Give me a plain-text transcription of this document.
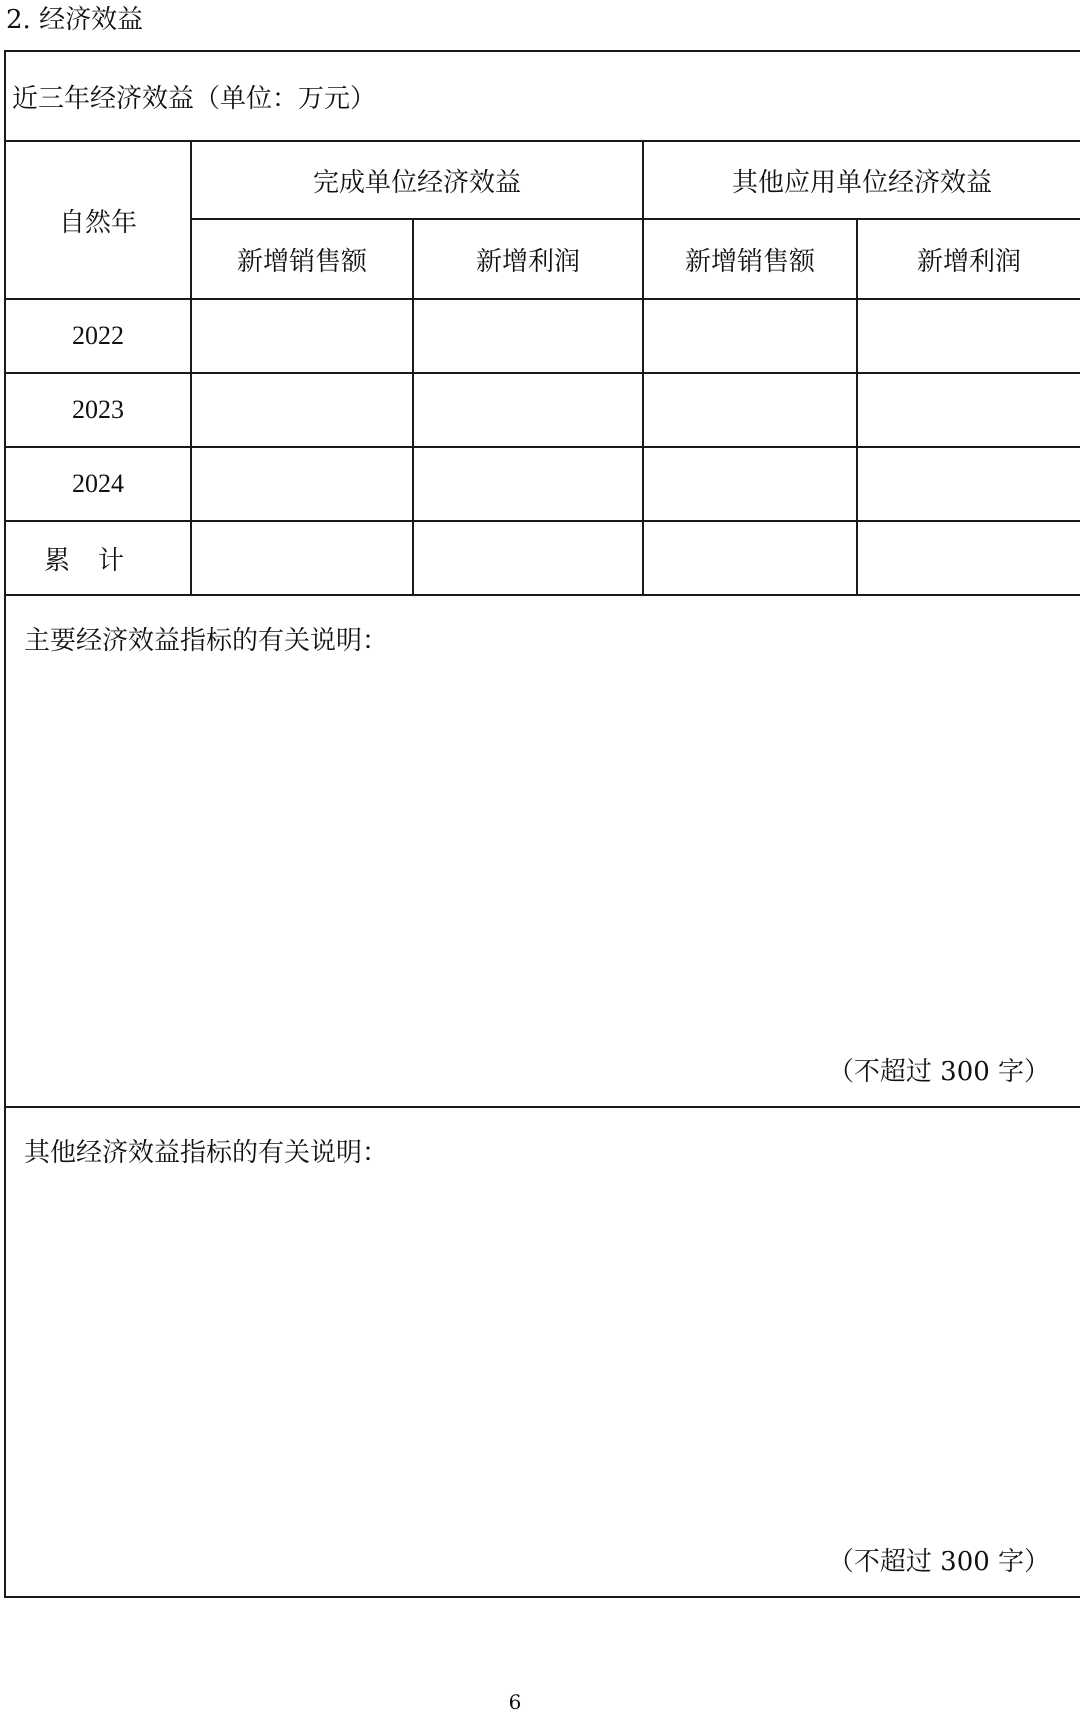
2. 经济效益
近三年经济效益（单位：万元）				
自然年	完成单位经济效益		其他应用单位经济效益	
	新增销售额	新增利润	新增销售额	新增利润
2022				
2023				
2024				
累计				

主要经济效益指标的有关说明：
（不超过 300 字）				

其他经济效益指标的有关说明：
（不超过 300 字）				
6
